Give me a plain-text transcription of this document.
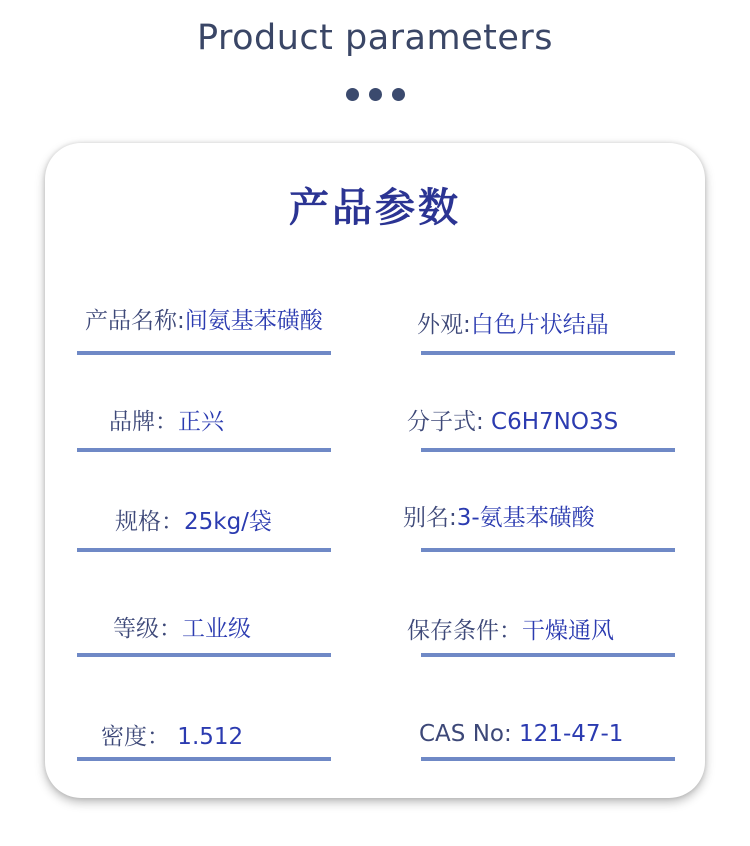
Product parameters
产品参数
产品名称:间氨基苯磺酸	外观:白色片状结晶
品牌：正兴	分子式: C6H7NO3S
规格：25kg/袋	别名:3-氨基苯磺酸
等级：工业级	保存条件：干燥通风
密度： 1.512	CAS No: 121-47-1
